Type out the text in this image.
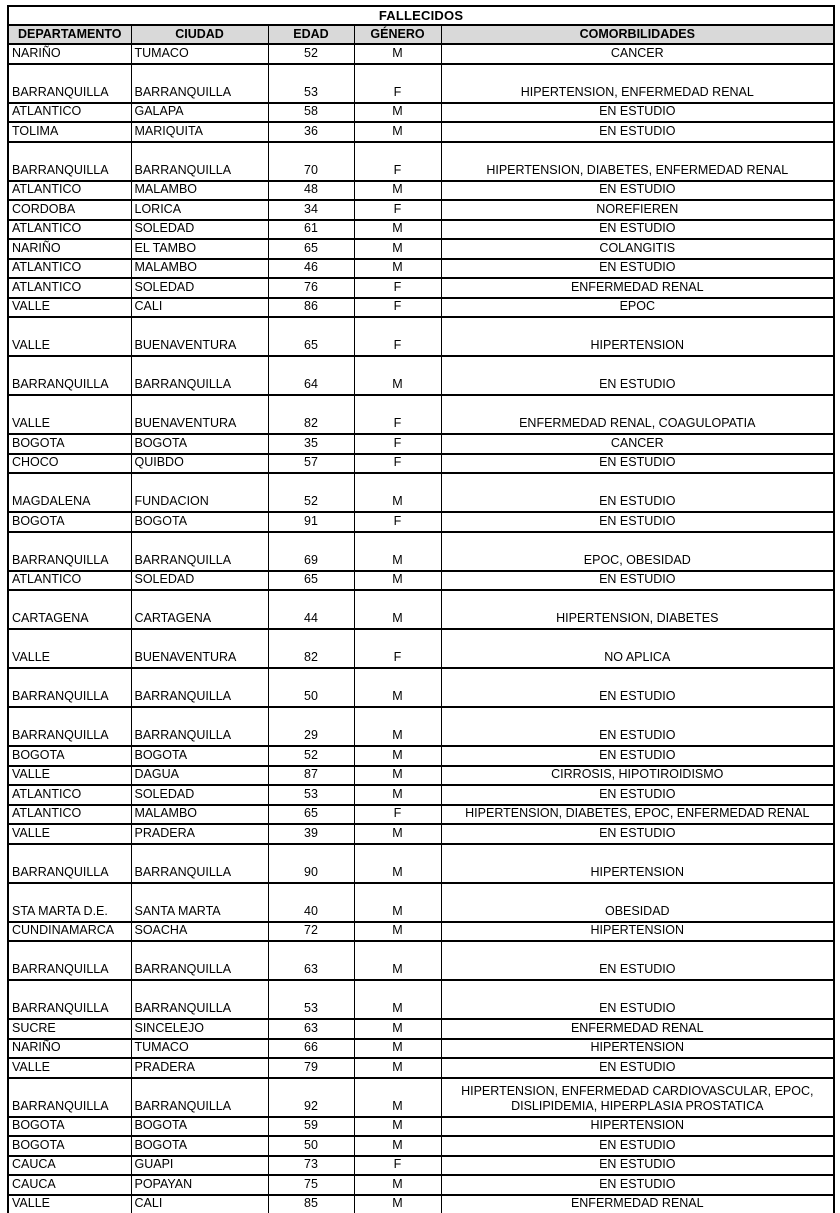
FALLECIDOS				
DEPARTAMENTO	CIUDAD	EDAD	GÉNERO	COMORBILIDADES
NARIÑO	TUMACO	52	M	CANCER
BARRANQUILLA	BARRANQUILLA	53	F	HIPERTENSION, ENFERMEDAD RENAL
ATLANTICO	GALAPA	58	M	EN ESTUDIO
TOLIMA	MARIQUITA	36	M	EN ESTUDIO
BARRANQUILLA	BARRANQUILLA	70	F	HIPERTENSION, DIABETES, ENFERMEDAD RENAL
ATLANTICO	MALAMBO	48	M	EN ESTUDIO
CORDOBA	LORICA	34	F	NOREFIEREN
ATLANTICO	SOLEDAD	61	M	EN ESTUDIO
NARIÑO	EL TAMBO	65	M	COLANGITIS
ATLANTICO	MALAMBO	46	M	EN ESTUDIO
ATLANTICO	SOLEDAD	76	F	ENFERMEDAD RENAL
VALLE	CALI	86	F	EPOC
VALLE	BUENAVENTURA	65	F	HIPERTENSION
BARRANQUILLA	BARRANQUILLA	64	M	EN ESTUDIO
VALLE	BUENAVENTURA	82	F	ENFERMEDAD RENAL, COAGULOPATIA
BOGOTA	BOGOTA	35	F	CANCER
CHOCO	QUIBDO	57	F	EN ESTUDIO
MAGDALENA	FUNDACION	52	M	EN ESTUDIO
BOGOTA	BOGOTA	91	F	EN ESTUDIO
BARRANQUILLA	BARRANQUILLA	69	M	EPOC, OBESIDAD
ATLANTICO	SOLEDAD	65	M	EN ESTUDIO
CARTAGENA	CARTAGENA	44	M	HIPERTENSION, DIABETES
VALLE	BUENAVENTURA	82	F	NO APLICA
BARRANQUILLA	BARRANQUILLA	50	M	EN ESTUDIO
BARRANQUILLA	BARRANQUILLA	29	M	EN ESTUDIO
BOGOTA	BOGOTA	52	M	EN ESTUDIO
VALLE	DAGUA	87	M	CIRROSIS, HIPOTIROIDISMO
ATLANTICO	SOLEDAD	53	M	EN ESTUDIO
ATLANTICO	MALAMBO	65	F	HIPERTENSION, DIABETES, EPOC, ENFERMEDAD RENAL
VALLE	PRADERA	39	M	EN ESTUDIO
BARRANQUILLA	BARRANQUILLA	90	M	HIPERTENSION
STA MARTA D.E.	SANTA MARTA	40	M	OBESIDAD
CUNDINAMARCA	SOACHA	72	M	HIPERTENSION
BARRANQUILLA	BARRANQUILLA	63	M	EN ESTUDIO
BARRANQUILLA	BARRANQUILLA	53	M	EN ESTUDIO
SUCRE	SINCELEJO	63	M	ENFERMEDAD RENAL
NARIÑO	TUMACO	66	M	HIPERTENSION
VALLE	PRADERA	79	M	EN ESTUDIO
BARRANQUILLA	BARRANQUILLA	92	M	HIPERTENSION, ENFERMEDAD CARDIOVASCULAR, EPOC, DISLIPIDEMIA, HIPERPLASIA PROSTATICA
BOGOTA	BOGOTA	59	M	HIPERTENSION
BOGOTA	BOGOTA	50	M	EN ESTUDIO
CAUCA	GUAPI	73	F	EN ESTUDIO
CAUCA	POPAYAN	75	M	EN ESTUDIO
VALLE	CALI	85	M	ENFERMEDAD RENAL
